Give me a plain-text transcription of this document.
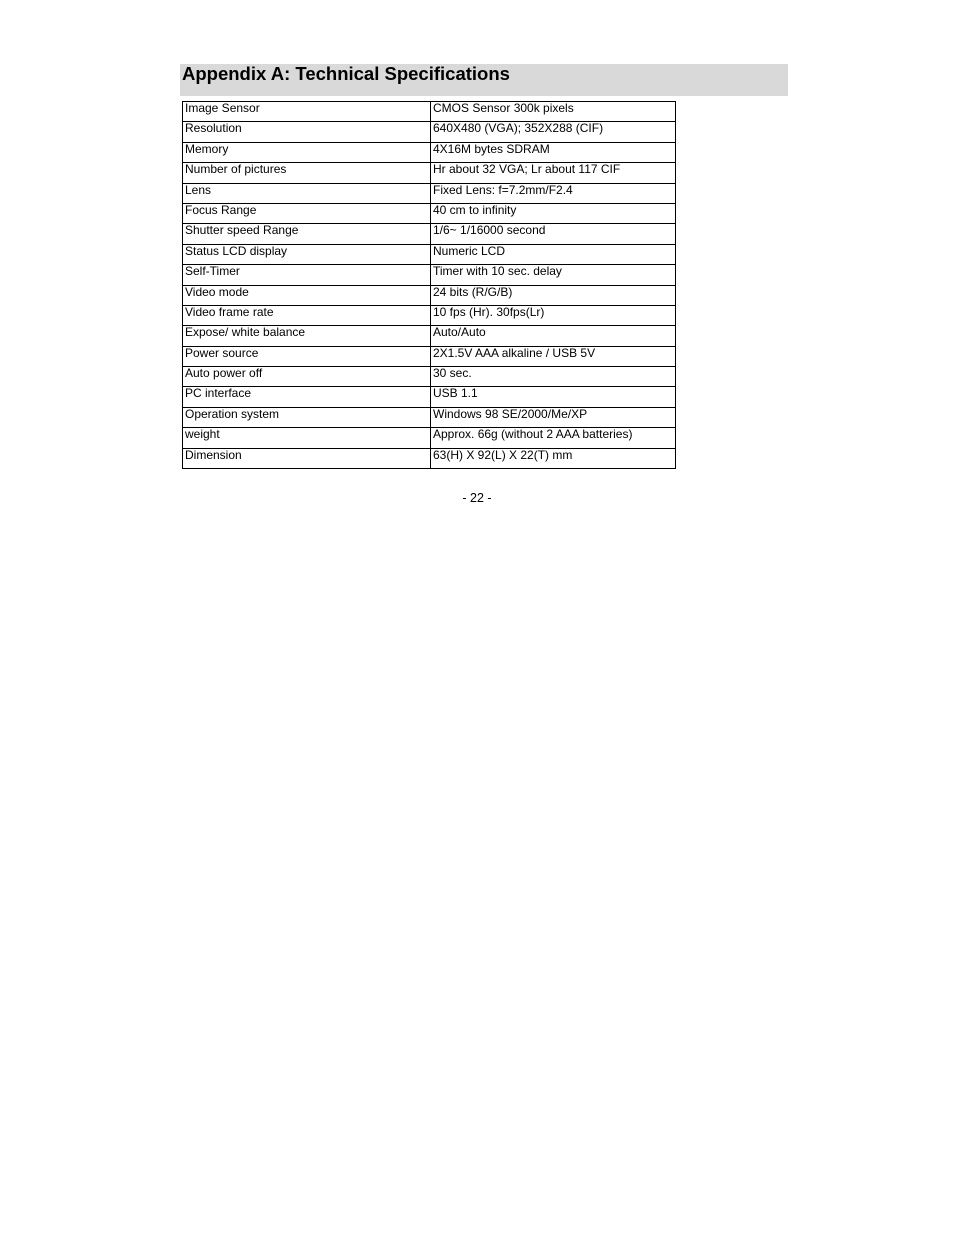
Appendix A: Technical Specifications
Image Sensor	CMOS Sensor 300k pixels
Resolution	640X480 (VGA); 352X288 (CIF)
Memory	4X16M bytes SDRAM
Number of pictures	Hr about 32 VGA; Lr about 117 CIF
Lens	Fixed Lens: f=7.2mm/F2.4
Focus Range	40 cm to infinity
Shutter speed Range	1/6~ 1/16000 second
Status LCD display	Numeric LCD
Self-Timer	Timer with 10 sec. delay
Video mode	24 bits (R/G/B)
Video frame rate	10 fps (Hr). 30fps(Lr)
Expose/ white balance	Auto/Auto
Power source	2X1.5V AAA alkaline / USB 5V
Auto power off	30 sec.
PC interface	USB 1.1
Operation system	Windows 98 SE/2000/Me/XP
weight	Approx. 66g (without 2 AAA batteries)
Dimension	63(H) X 92(L) X 22(T) mm
- 22 -
